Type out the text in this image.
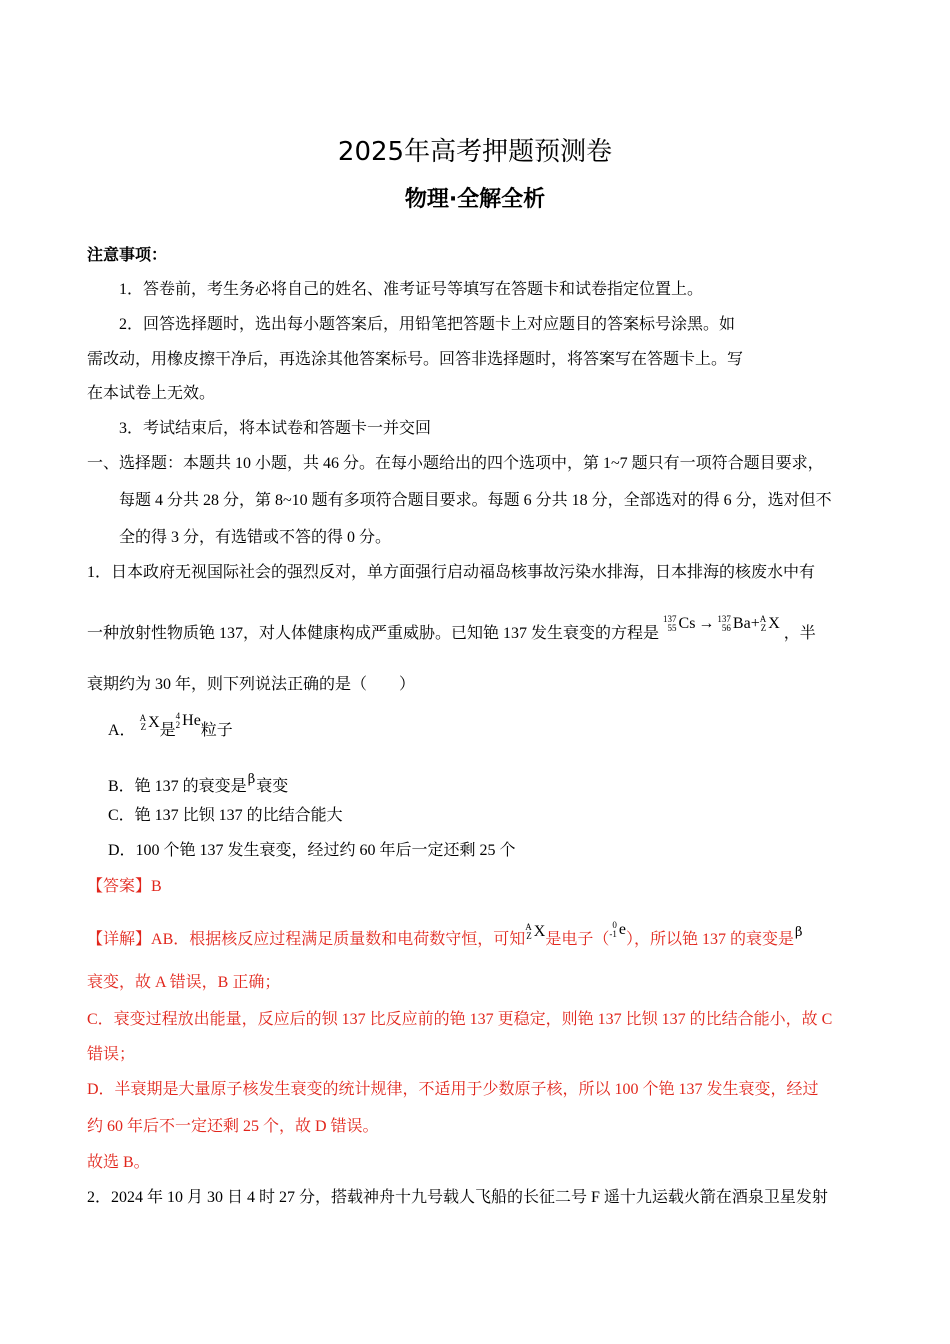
2025年高考押题预测卷
物理·全解全析
注意事项：
1．答卷前，考生务必将自己的姓名、准考证号等填写在答题卡和试卷指定位置上。
2．回答选择题时，选出每小题答案后，用铅笔把答题卡上对应题目的答案标号涂黑。如
需改动，用橡皮擦干净后，再选涂其他答案标号。回答非选择题时，将答案写在答题卡上。写
在本试卷上无效。
3．考试结束后，将本试卷和答题卡一并交回
一、选择题：本题共 10 小题，共 46 分。在每小题给出的四个选项中，第 1~7 题只有一项符合题目要求，
每题 4 分共 28 分，第 8~10 题有多项符合题目要求。每题 6 分共 18 分，全部选对的得 6 分，选对但不
全的得 3 分，有选错或不答的得 0 分。
1．日本政府无视国际社会的强烈反对，单方面强行启动福岛核事故污染水排海，日本排海的核废水中有
一种放射性物质铯 137，对人体健康构成严重威胁。已知铯 137 发生衰变的方程是
137
55 Cs → 137
56 Ba+ A
Z X ，半
衰期约为 30 年，则下列说法正确的是（　　）
A．
A
Z X是
4
2 He粒子
B．铯 137 的衰变是$^\beta$衰变
C．铯 137 比钡 137 的比结合能大
D．100 个铯 137 发生衰变，经过约 60 年后一定还剩 25 个
【答案】B
【详解】AB．根据核反应过程满足质量数和电荷数守恒，可知
A
Z X是电子（
0
-1 e），所以铯 137 的衰变是$^\beta$
衰变，故 A 错误，B 正确；
C．衰变过程放出能量，反应后的钡 137 比反应前的铯 137 更稳定，则铯 137 比钡 137 的比结合能小，故 C
错误；
D．半衰期是大量原子核发生衰变的统计规律，不适用于少数原子核，所以 100 个铯 137 发生衰变，经过
约 60 年后不一定还剩 25 个，故 D 错误。
故选 B。
2．2024 年 10 月 30 日 4 时 27 分，搭载神舟十九号载人飞船的长征二号 F 遥十九运载火箭在酒泉卫星发射
